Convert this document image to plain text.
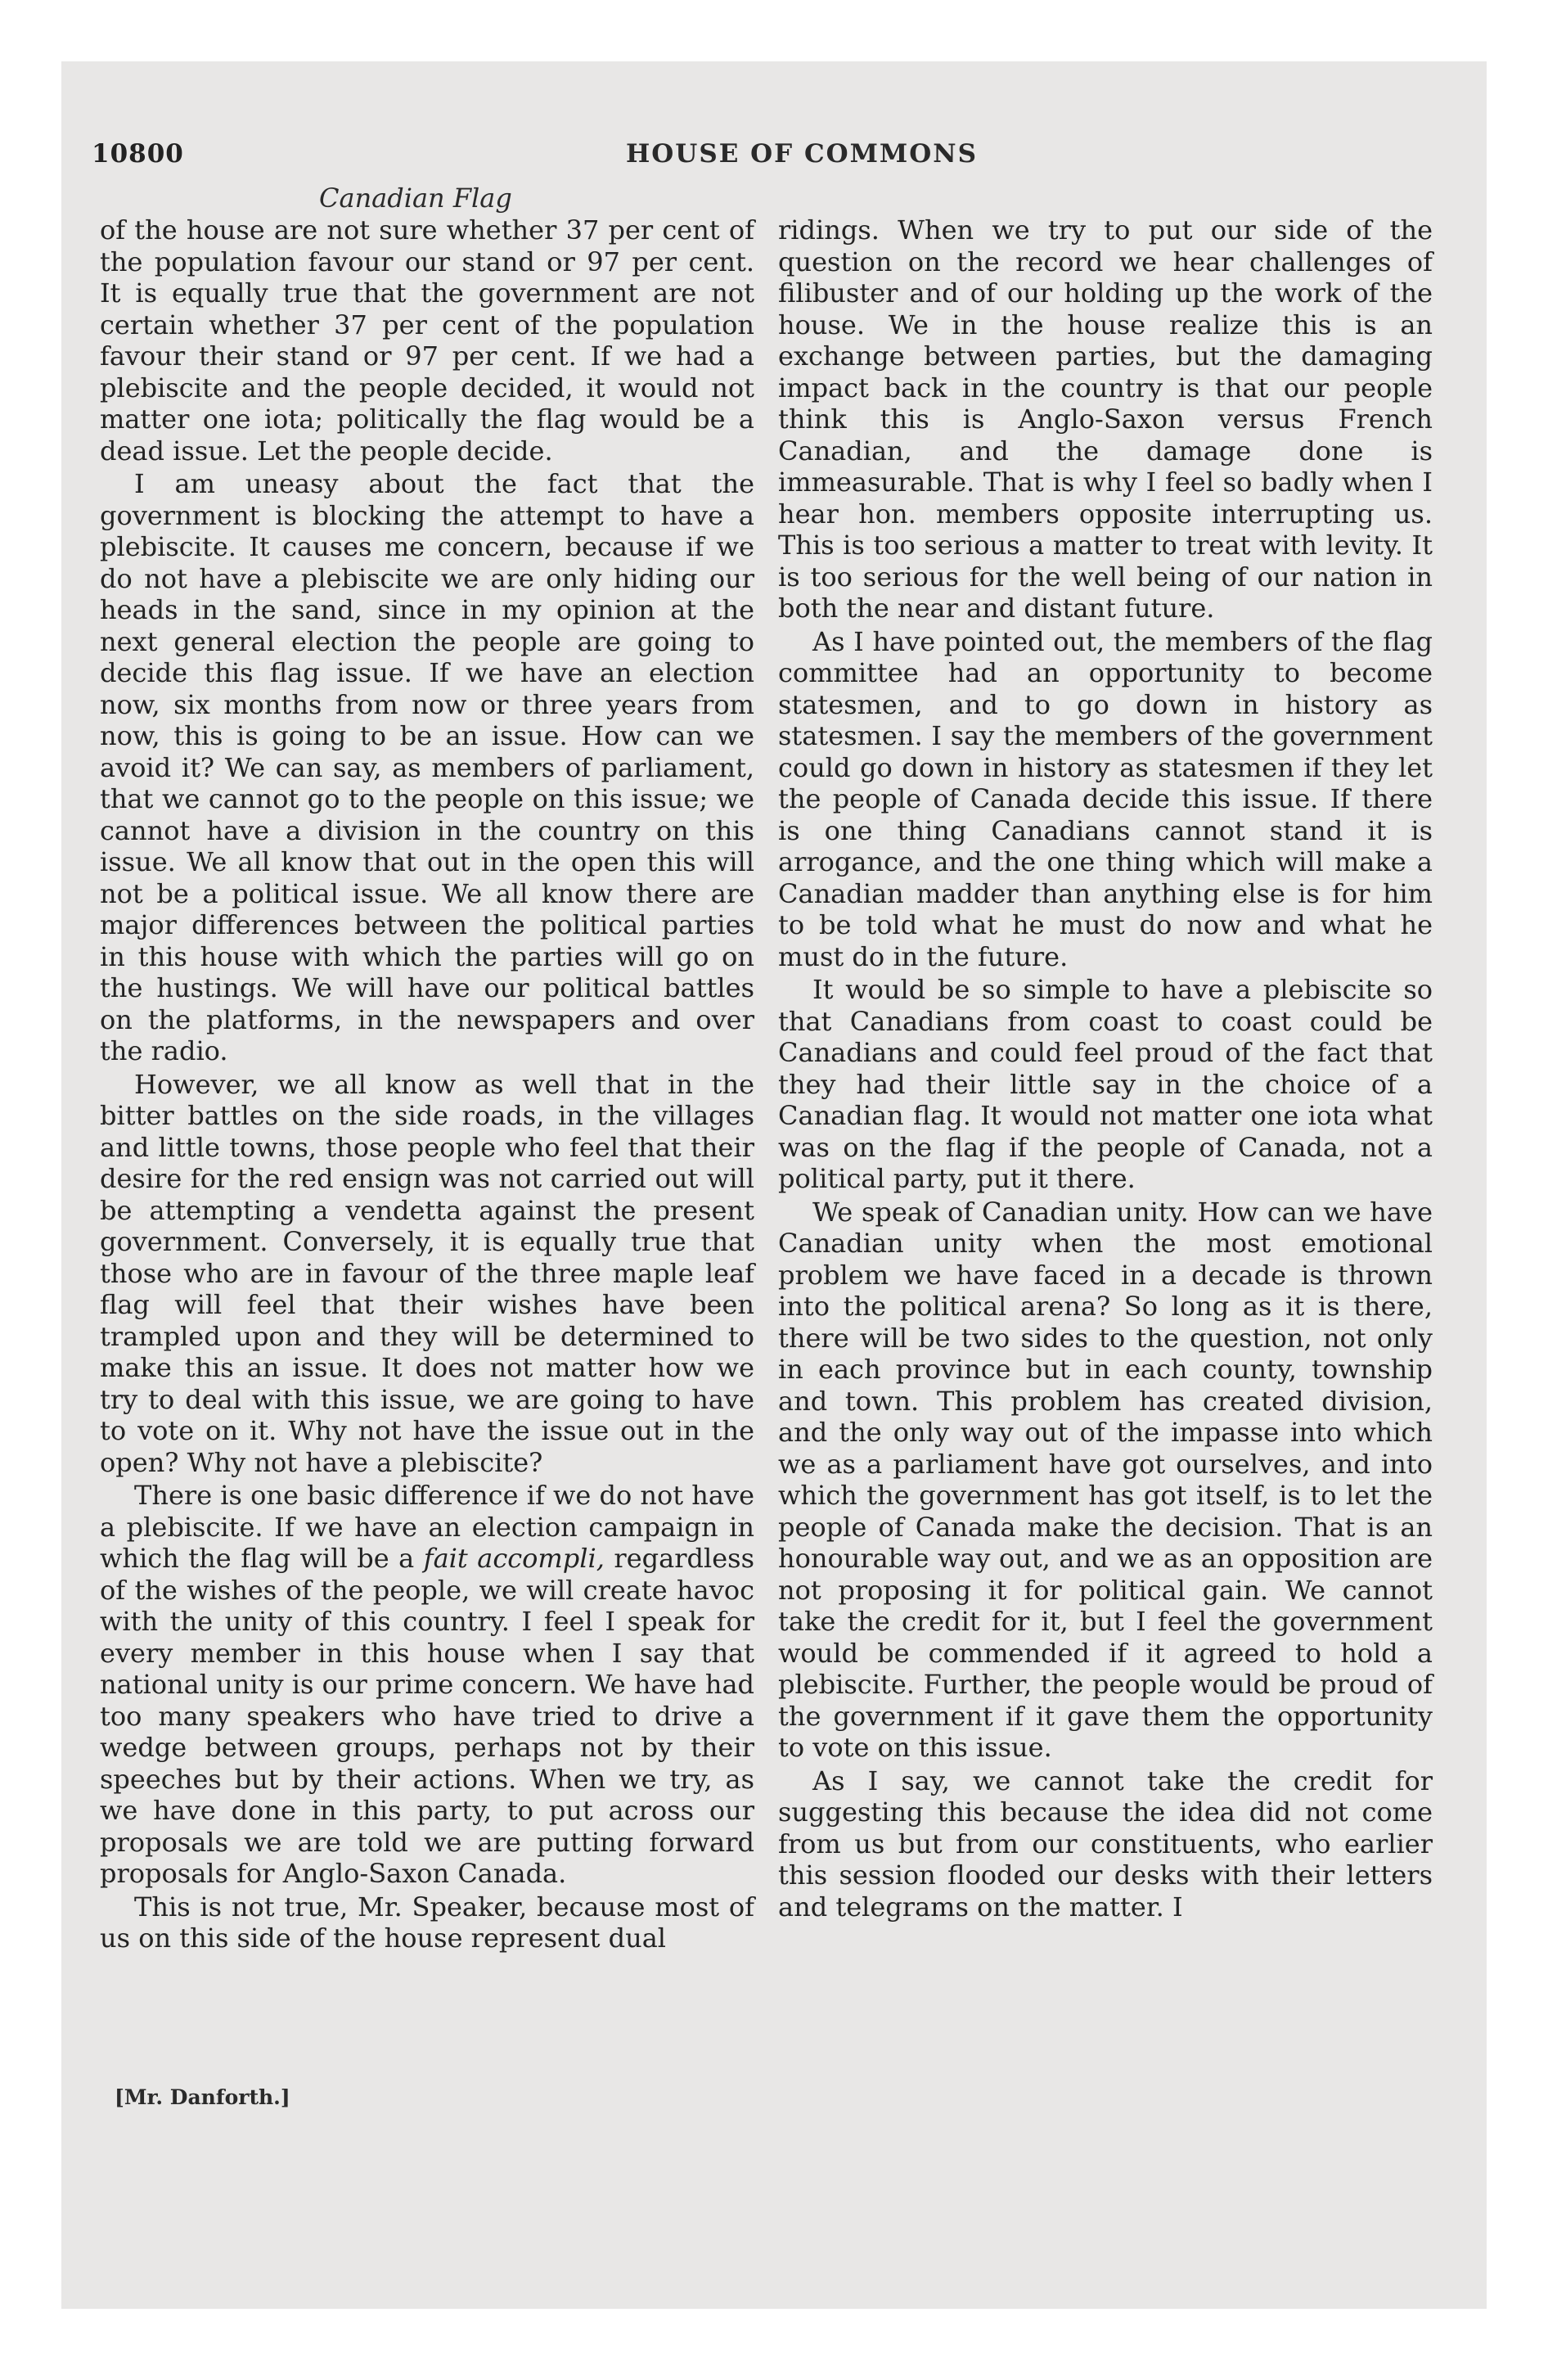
10800	HOUSE OF COMMONS
Canadian Flag

of the house are not sure whether 37 per cent of the population favour our stand or 97 per cent. It is equally true that the government are not certain whether 37 per cent of the population favour their stand or 97 per cent. If we had a plebiscite and the people decided, it would not matter one iota; politically the flag would be a dead issue. Let the people decide.

I am uneasy about the fact that the government is blocking the attempt to have a plebiscite. It causes me concern, because if we do not have a plebiscite we are only hiding our heads in the sand, since in my opinion at the next general election the people are going to decide this flag issue. If we have an election now, six months from now or three years from now, this is going to be an issue. How can we avoid it? We can say, as members of parliament, that we cannot go to the people on this issue; we cannot have a division in the country on this issue. We all know that out in the open this will not be a political issue. We all know there are major differences between the political parties in this house with which the parties will go on the hustings. We will have our political battles on the platforms, in the newspapers and over the radio.

However, we all know as well that in the bitter battles on the side roads, in the villages and little towns, those people who feel that their desire for the red ensign was not carried out will be attempting a vendetta against the present government. Conversely, it is equally true that those who are in favour of the three maple leaf flag will feel that their wishes have been trampled upon and they will be determined to make this an issue. It does not matter how we try to deal with this issue, we are going to have to vote on it. Why not have the issue out in the open? Why not have a plebiscite?

There is one basic difference if we do not have a plebiscite. If we have an election campaign in which the flag will be a fait accompli, regardless of the wishes of the people, we will create havoc with the unity of this country. I feel I speak for every member in this house when I say that national unity is our prime concern. We have had too many speakers who have tried to drive a wedge between groups, perhaps not by their speeches but by their actions. When we try, as we have done in this party, to put across our proposals we are told we are putting forward proposals for Anglo-Saxon Canada.

This is not true, Mr. Speaker, because most of us on this side of the house represent dual

ridings. When we try to put our side of the question on the record we hear challenges of filibuster and of our holding up the work of the house. We in the house realize this is an exchange between parties, but the damaging impact back in the country is that our people think this is Anglo-Saxon versus French Canadian, and the damage done is immeasurable. That is why I feel so badly when I hear hon. members opposite interrupting us. This is too serious a matter to treat with levity. It is too serious for the well being of our nation in both the near and distant future.

As I have pointed out, the members of the flag committee had an opportunity to become statesmen, and to go down in history as statesmen. I say the members of the government could go down in history as statesmen if they let the people of Canada decide this issue. If there is one thing Canadians cannot stand it is arrogance, and the one thing which will make a Canadian madder than anything else is for him to be told what he must do now and what he must do in the future.

It would be so simple to have a plebiscite so that Canadians from coast to coast could be Canadians and could feel proud of the fact that they had their little say in the choice of a Canadian flag. It would not matter one iota what was on the flag if the people of Canada, not a political party, put it there.

We speak of Canadian unity. How can we have Canadian unity when the most emotional problem we have faced in a decade is thrown into the political arena? So long as it is there, there will be two sides to the question, not only in each province but in each county, township and town. This problem has created division, and the only way out of the impasse into which we as a parliament have got ourselves, and into which the government has got itself, is to let the people of Canada make the decision. That is an honourable way out, and we as an opposition are not proposing it for political gain. We cannot take the credit for it, but I feel the government would be commended if it agreed to hold a plebiscite. Further, the people would be proud of the government if it gave them the opportunity to vote on this issue.

As I say, we cannot take the credit for suggesting this because the idea did not come from us but from our constituents, who earlier this session flooded our desks with their letters and telegrams on the matter. I

[Mr. Danforth.]
